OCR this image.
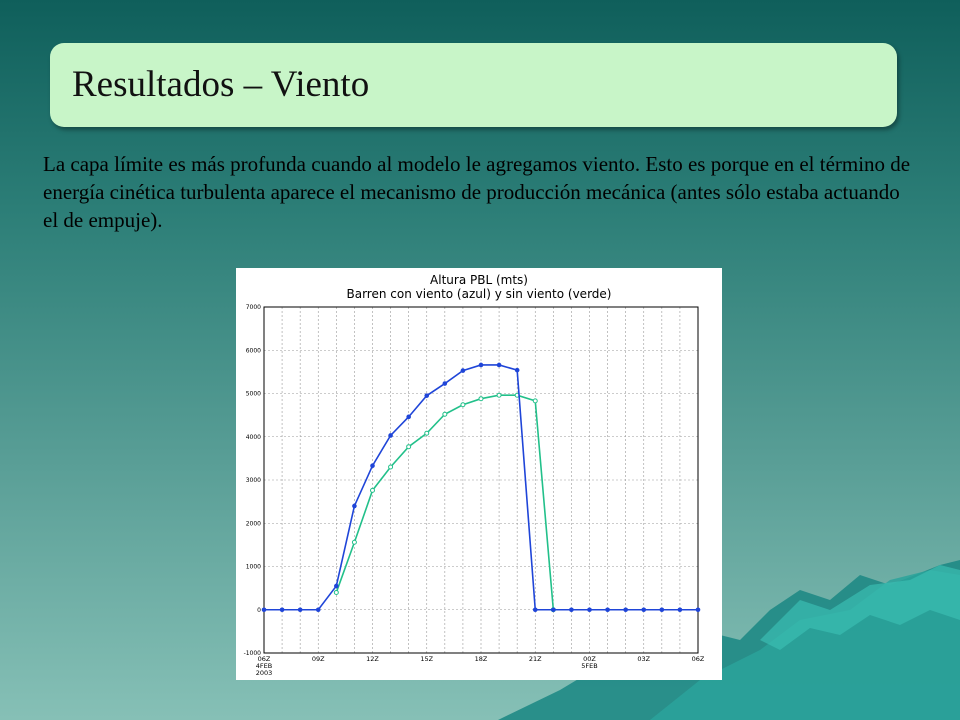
Resultados – Viento
La capa límite es más profunda cuando al modelo le agregamos viento. Esto es porque en el término de energía cinética turbulenta aparece el mecanismo de producción mecánica (antes sólo estaba actuando el de empuje).
Altura PBL (mts)
Barren con viento (azul) y sin viento (verde)
-1000
0
1000
2000
3000
4000
5000
6000
7000
06Z
4FEB
2003
09Z	12Z	15Z	18Z	21Z	00Z
5FEB
03Z	06Z
